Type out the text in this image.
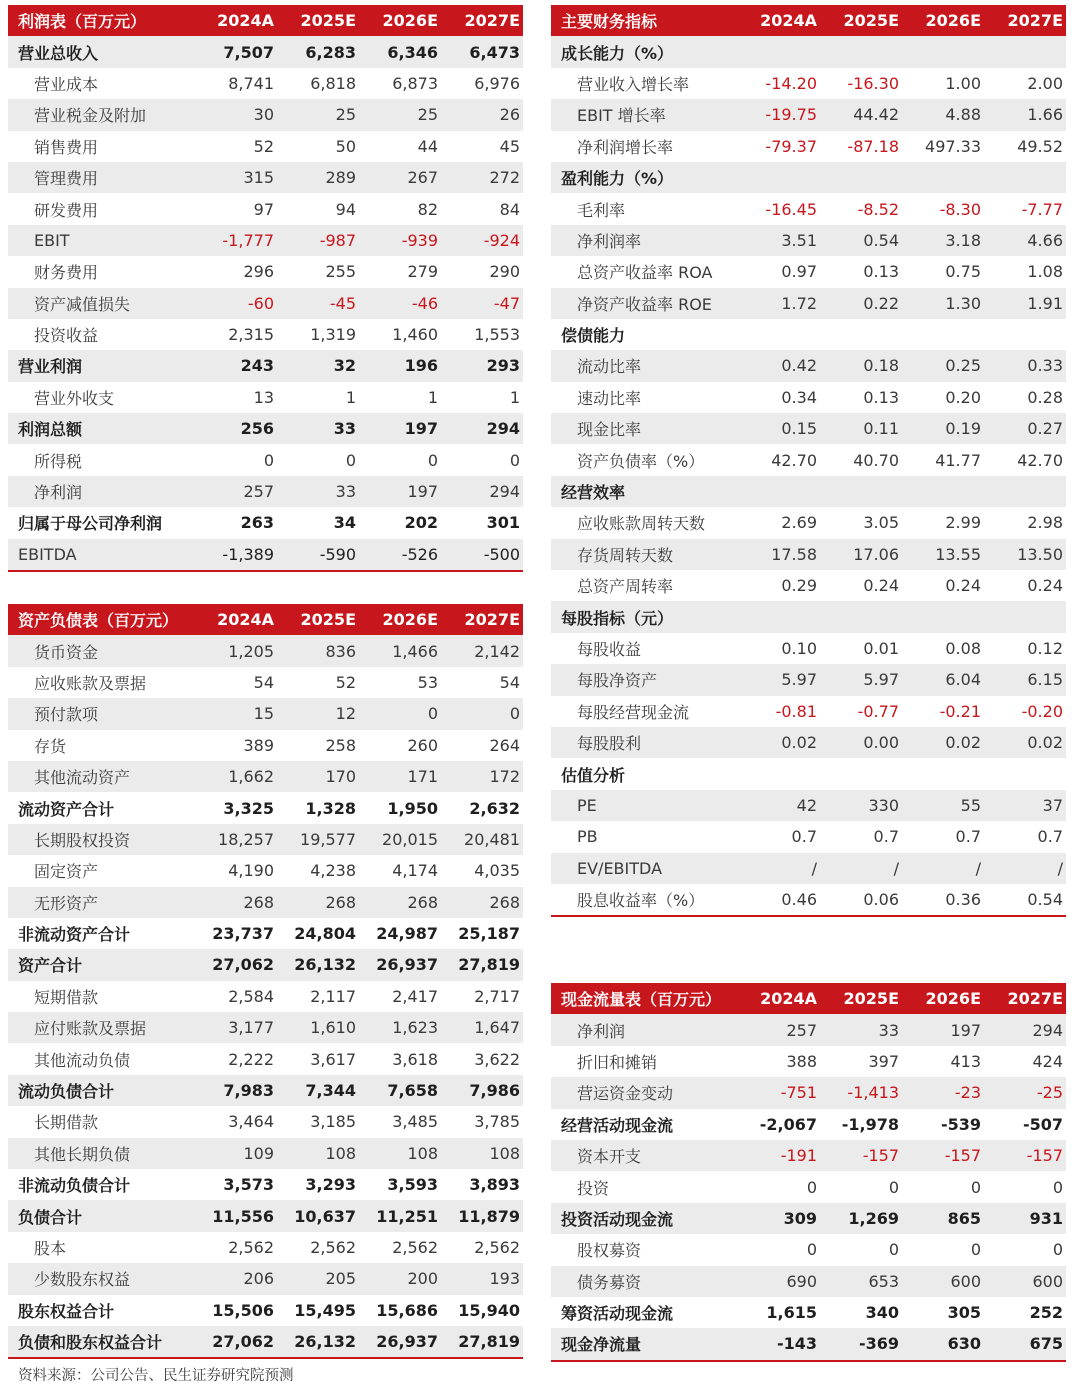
利润表（百万元）	2024A	2025E	2026E	2027E
营业总收入	7,507	6,283	6,346	6,473
营业成本	8,741	6,818	6,873	6,976
营业税金及附加	30	25	25	26
销售费用	52	50	44	45
管理费用	315	289	267	272
研发费用	97	94	82	84
EBIT	-1,777	-987	-939	-924
财务费用	296	255	279	290
资产减值损失	-60	-45	-46	-47
投资收益	2,315	1,319	1,460	1,553
营业利润	243	32	196	293
营业外收支	13	1	1	1
利润总额	256	33	197	294
所得税	0	0	0	0
净利润	257	33	197	294
归属于母公司净利润	263	34	202	301
EBITDA	-1,389	-590	-526	-500
资产负债表（百万元）	2024A	2025E	2026E	2027E
货币资金	1,205	836	1,466	2,142
应收账款及票据	54	52	53	54
预付款项	15	12	0	0
存货	389	258	260	264
其他流动资产	1,662	170	171	172
流动资产合计	3,325	1,328	1,950	2,632
长期股权投资	18,257	19,577	20,015	20,481
固定资产	4,190	4,238	4,174	4,035
无形资产	268	268	268	268
非流动资产合计	23,737	24,804	24,987	25,187
资产合计	27,062	26,132	26,937	27,819
短期借款	2,584	2,117	2,417	2,717
应付账款及票据	3,177	1,610	1,623	1,647
其他流动负债	2,222	3,617	3,618	3,622
流动负债合计	7,983	7,344	7,658	7,986
长期借款	3,464	3,185	3,485	3,785
其他长期负债	109	108	108	108
非流动负债合计	3,573	3,293	3,593	3,893
负债合计	11,556	10,637	11,251	11,879
股本	2,562	2,562	2,562	2,562
少数股东权益	206	205	200	193
股东权益合计	15,506	15,495	15,686	15,940
负债和股东权益合计	27,062	26,132	26,937	27,819
主要财务指标	2024A	2025E	2026E	2027E
成长能力（%）				
营业收入增长率	-14.20	-16.30	1.00	2.00
EBIT 增长率	-19.75	44.42	4.88	1.66
净利润增长率	-79.37	-87.18	497.33	49.52
盈利能力（%）				
毛利率	-16.45	-8.52	-8.30	-7.77
净利润率	3.51	0.54	3.18	4.66
总资产收益率 ROA	0.97	0.13	0.75	1.08
净资产收益率 ROE	1.72	0.22	1.30	1.91
偿债能力				
流动比率	0.42	0.18	0.25	0.33
速动比率	0.34	0.13	0.20	0.28
现金比率	0.15	0.11	0.19	0.27
资产负债率（%）	42.70	40.70	41.77	42.70
经营效率				
应收账款周转天数	2.69	3.05	2.99	2.98
存货周转天数	17.58	17.06	13.55	13.50
总资产周转率	0.29	0.24	0.24	0.24
每股指标（元）				
每股收益	0.10	0.01	0.08	0.12
每股净资产	5.97	5.97	6.04	6.15
每股经营现金流	-0.81	-0.77	-0.21	-0.20
每股股利	0.02	0.00	0.02	0.02
估值分析				
PE	42	330	55	37
PB	0.7	0.7	0.7	0.7
EV/EBITDA	/	/	/	/
股息收益率（%）	0.46	0.06	0.36	0.54
现金流量表（百万元）	2024A	2025E	2026E	2027E
净利润	257	33	197	294
折旧和摊销	388	397	413	424
营运资金变动	-751	-1,413	-23	-25
经营活动现金流	-2,067	-1,978	-539	-507
资本开支	-191	-157	-157	-157
投资	0	0	0	0
投资活动现金流	309	1,269	865	931
股权募资	0	0	0	0
债务募资	690	653	600	600
筹资活动现金流	1,615	340	305	252
现金净流量	-143	-369	630	675
资料来源：公司公告、民生证券研究院预测
